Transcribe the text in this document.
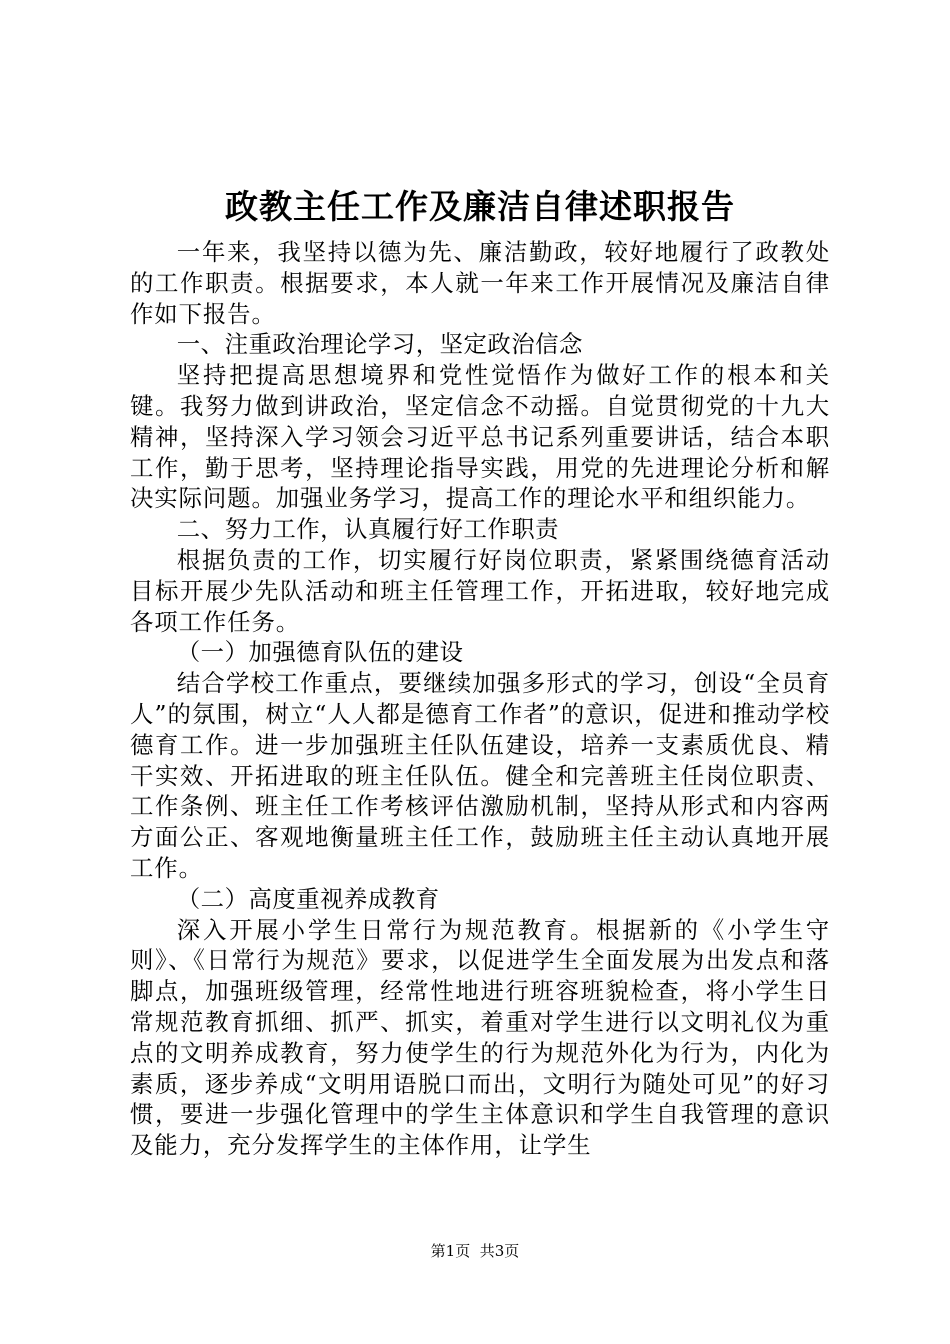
政教主任工作及廉洁自律述职报告

一年来，我坚持以德为先、廉洁勤政，较好地履行了政教处的工作职责。根据要求，本人就一年来工作开展情况及廉洁自律作如下报告。

一、注重政治理论学习，坚定政治信念

坚持把提高思想境界和党性觉悟作为做好工作的根本和关键。我努力做到讲政治，坚定信念不动摇。自觉贯彻党的十九大精神，坚持深入学习领会习近平总书记系列重要讲话，结合本职工作，勤于思考，坚持理论指导实践，用党的先进理论分析和解决实际问题。加强业务学习，提高工作的理论水平和组织能力。

二、努力工作，认真履行好工作职责

根据负责的工作，切实履行好岗位职责，紧紧围绕德育活动目标开展少先队活动和班主任管理工作，开拓进取，较好地完成各项工作任务。

（一）加强德育队伍的建设

结合学校工作重点，要继续加强多形式的学习，创设“全员育人”的氛围，树立“人人都是德育工作者”的意识，促进和推动学校德育工作。进一步加强班主任队伍建设，培养一支素质优良、精干实效、开拓进取的班主任队伍。健全和完善班主任岗位职责、工作条例、班主任工作考核评估激励机制，坚持从形式和内容两方面公正、客观地衡量班主任工作，鼓励班主任主动认真地开展工作。

（二）高度重视养成教育

深入开展小学生日常行为规范教育。根据新的《小学生守则》、《日常行为规范》要求，以促进学生全面发展为出发点和落脚点，加强班级管理，经常性地进行班容班貌检查，将小学生日常规范教育抓细、抓严、抓实，着重对学生进行以文明礼仪为重点的文明养成教育，努力使学生的行为规范外化为行为，内化为素质，逐步养成“文明用语脱口而出，文明行为随处可见”的好习惯，要进一步强化管理中的学生主体意识和学生自我管理的意识及能力，充分发挥学生的主体作用，让学生

第1页 共3页
